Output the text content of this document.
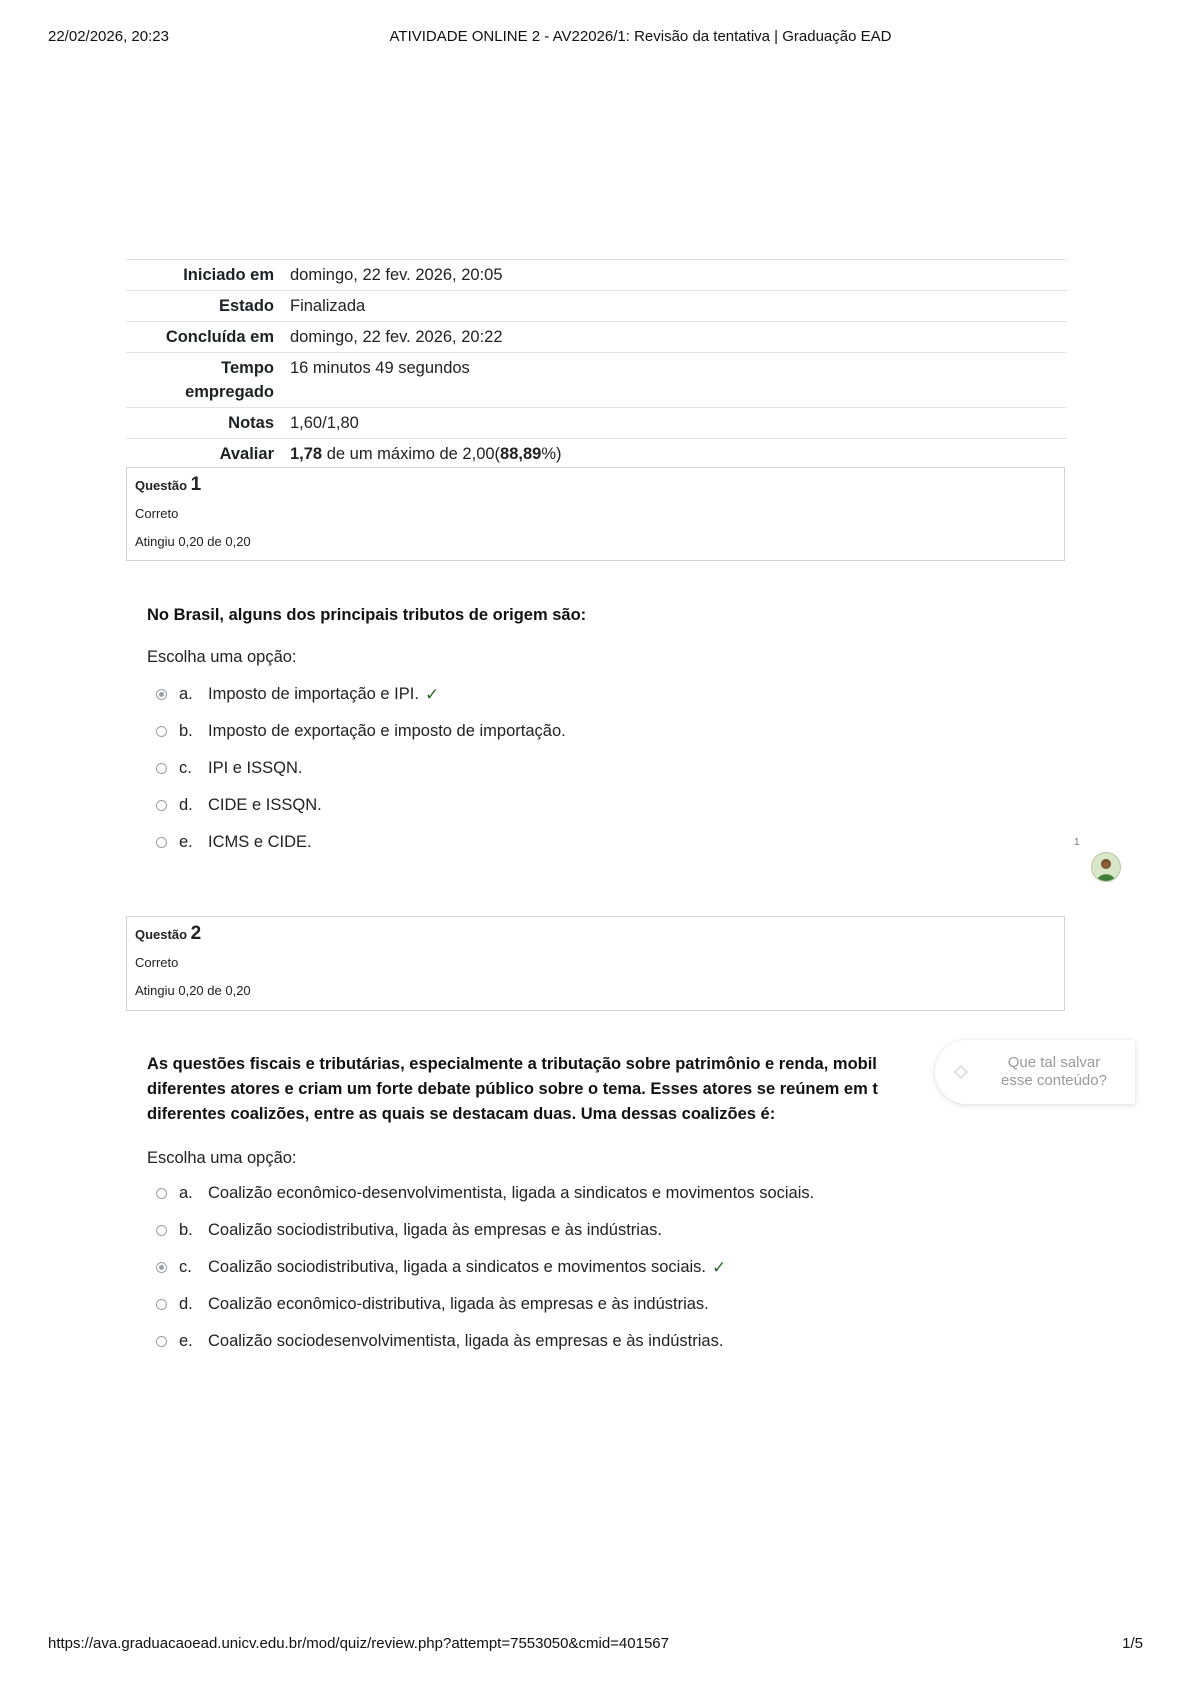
22/02/2026, 20:23	ATIVIDADE ONLINE 2 - AV22026/1: Revisão da tentativa | Graduação EAD
Iniciado em	domingo, 22 fev. 2026, 20:05
Estado	Finalizada
Concluída em	domingo, 22 fev. 2026, 20:22
Tempo
empregado	16 minutos 49 segundos
Notas	1,60/1,80
Avaliar	1,78 de um máximo de 2,00(88,89%)
Questão 1
Correto
Atingiu 0,20 de 0,20
No Brasil, alguns dos principais tributos de origem são:
Escolha uma opção:
a. Imposto de importação e IPI. ✓
b. Imposto de exportação e imposto de importação.
c. IPI e ISSQN.
d. CIDE e ISSQN.
e. ICMS e CIDE.	1
Questão 2
Correto
Atingiu 0,20 de 0,20
As questões fiscais e tributárias, especialmente a tributação sobre patrimônio e renda, mobil
diferentes atores e criam um forte debate público sobre o tema. Esses atores se reúnem em t
diferentes coalizões, entre as quais se destacam duas. Uma dessas coalizões é:
Escolha uma opção:
a. Coalizão econômico-desenvolvimentista, ligada a sindicatos e movimentos sociais.
b. Coalizão sociodistributiva, ligada às empresas e às indústrias.
c. Coalizão sociodistributiva, ligada a sindicatos e movimentos sociais. ✓
d. Coalizão econômico-distributiva, ligada às empresas e às indústrias.
e. Coalizão sociodesenvolvimentista, ligada às empresas e às indústrias.
Que tal salvar
esse conteúdo?
https://ava.graduacaoead.unicv.edu.br/mod/quiz/review.php?attempt=7553050&cmid=401567	1/5
